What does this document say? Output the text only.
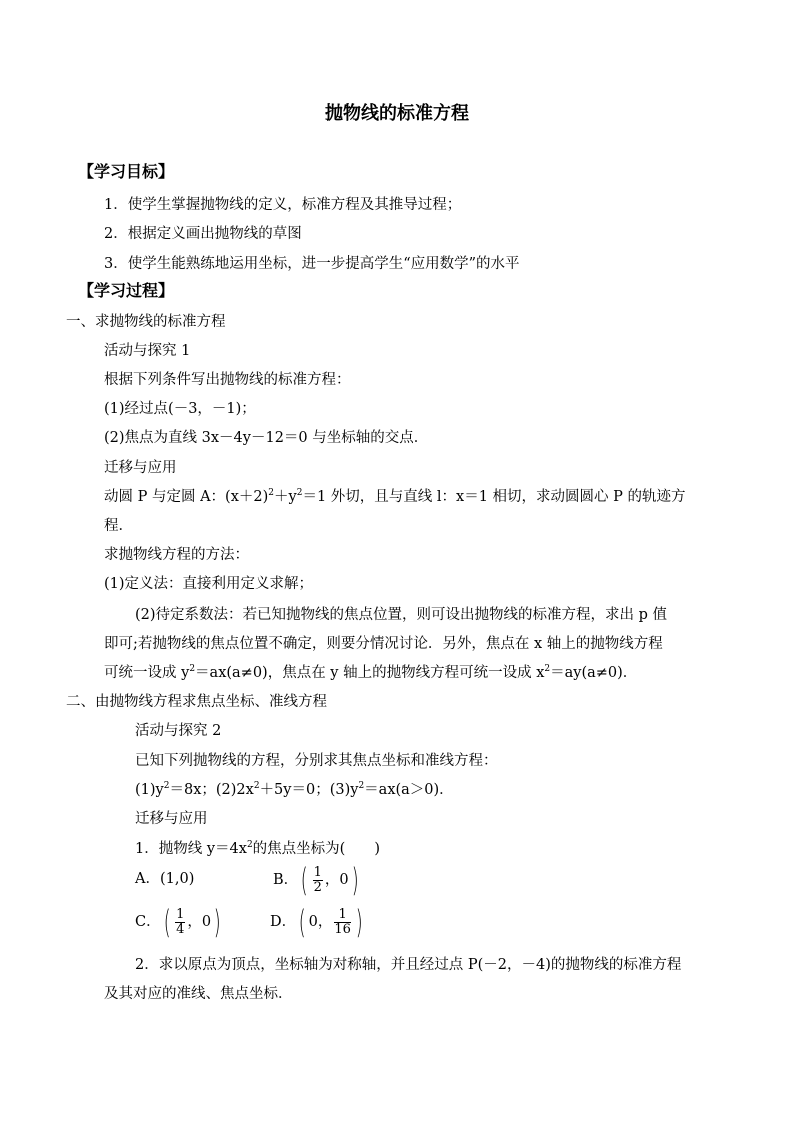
抛物线的标准方程
【学习目标】
1．使学生掌握抛物线的定义，标准方程及其推导过程；
2．根据定义画出抛物线的草图
3．使学生能熟练地运用坐标，进一步提高学生“应用数学”的水平
【学习过程】
一、求抛物线的标准方程
活动与探究 1
根据下列条件写出抛物线的标准方程：
(1)经过点(－3，－1)；
(2)焦点为直线 3x－4y－12＝0 与坐标轴的交点．
迁移与应用
动圆 P 与定圆 A：$(x+2)^2+y^2=1$ 外切，且与直线 l：x＝1 相切，求动圆圆心 P 的轨迹方
程．
求抛物线方程的方法：
(1)定义法：直接利用定义求解；
(2)待定系数法：若已知抛物线的焦点位置，则可设出抛物线的标准方程，求出 p 值
即可;若抛物线的焦点位置不确定，则要分情况讨论．另外，焦点在 x 轴上的抛物线方程
可统一设成 $y^2=ax(a\ne 0)$，焦点在 y 轴上的抛物线方程可统一设成 $x^2=ay(a\ne 0)$．
二、由抛物线方程求焦点坐标、准线方程
活动与探究 2
已知下列抛物线的方程，分别求其焦点坐标和准线方程：
$(1)y^2=8x$；$(2)2x^2+5y=0$；$(3)y^2=ax(a>0)$．
迁移与应用
1．抛物线 $y=4x^2$的焦点坐标为(　　)
A．(1,0)	B． ( $\frac{1}{2}$ ，0 )
C． ( $\frac{1}{4}$ ，0 )	D． ( 0， $\frac{1}{16}$ )
2．求以原点为顶点，坐标轴为对称轴，并且经过点 P(－2，－4)的抛物线的标准方程
及其对应的准线、焦点坐标．
